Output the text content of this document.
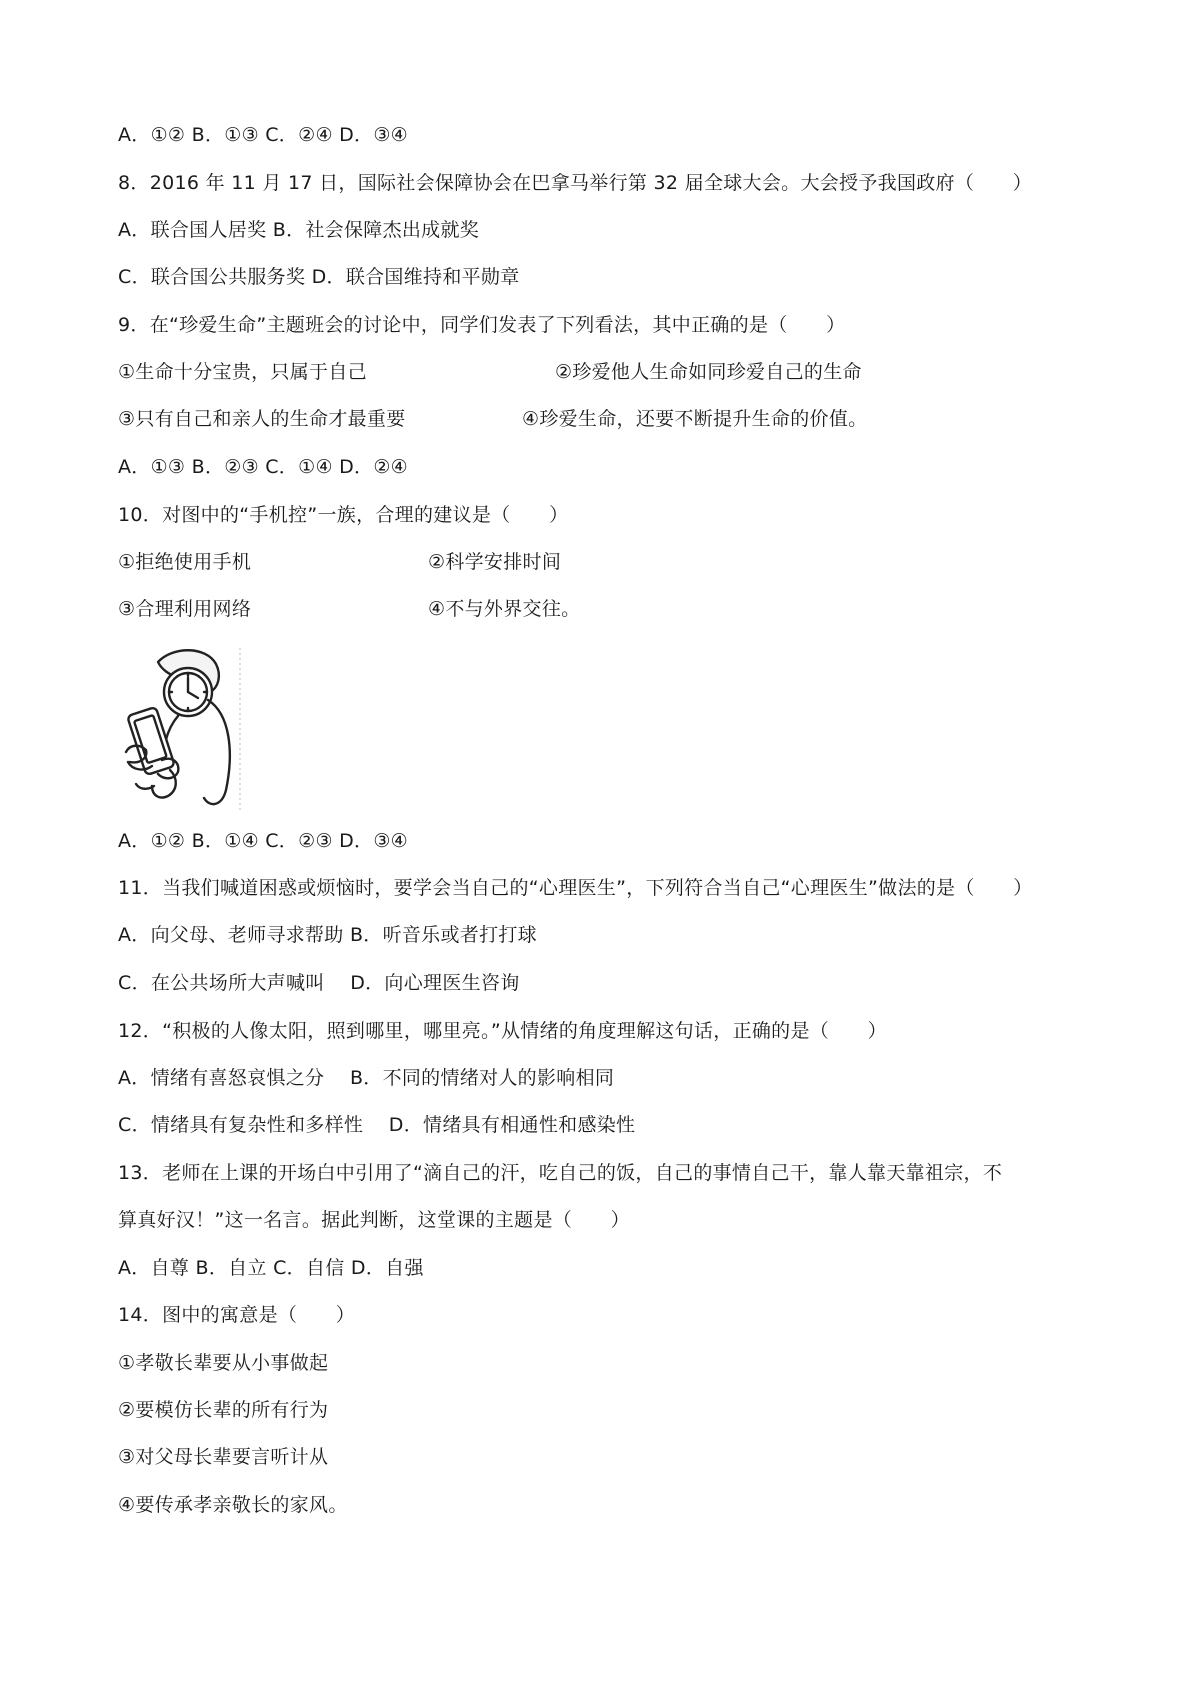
A．①② B．①③ C．②④ D．③④
8．2016 年 11 月 17 日，国际社会保障协会在巴拿马举行第 32 届全球大会。大会授予我国政府（　　）
A．联合国人居奖 B．社会保障杰出成就奖
C．联合国公共服务奖 D．联合国维持和平勋章
9．在“珍爱生命”主题班会的讨论中，同学们发表了下列看法，其中正确的是（　　）
①生命十分宝贵，只属于自己	②珍爱他人生命如同珍爱自己的生命
③只有自己和亲人的生命才最重要	④珍爱生命，还要不断提升生命的价值。
A．①③ B．②③ C．①④ D．②④
10．对图中的“手机控”一族，合理的建议是（　　）
①拒绝使用手机	②科学安排时间
③合理利用网络	④不与外界交往。
A．①② B．①④ C．②③ D．③④
11．当我们喊道困惑或烦恼时，要学会当自己的“心理医生”，下列符合当自己“心理医生”做法的是（　　）
A．向父母、老师寻求帮助 B．听音乐或者打打球
C．在公共场所大声喊叫　 D．向心理医生咨询
12．“积极的人像太阳，照到哪里，哪里亮。”从情绪的角度理解这句话，正确的是（　　）
A．情绪有喜怒哀惧之分　 B．不同的情绪对人的影响相同
C．情绪具有复杂性和多样性　 D．情绪具有相通性和感染性
13．老师在上课的开场白中引用了“滴自己的汗，吃自己的饭，自己的事情自己干，靠人靠天靠祖宗，不
算真好汉！”这一名言。据此判断，这堂课的主题是（　　）
A．自尊 B．自立 C．自信 D．自强
14．图中的寓意是（　　）
①孝敬长辈要从小事做起
②要模仿长辈的所有行为
③对父母长辈要言听计从
④要传承孝亲敬长的家风。
